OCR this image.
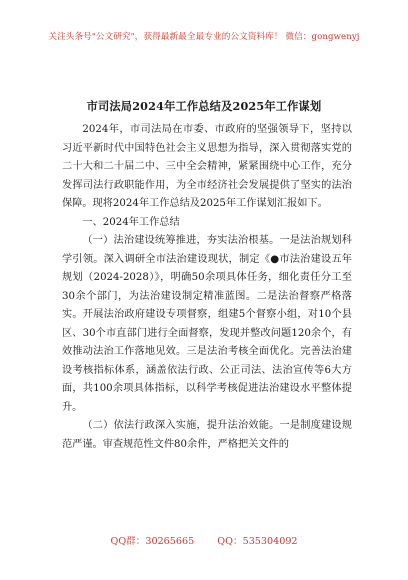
关注头条号"公文研究"，获得最新最全最专业的公文资料库！ 微信：gongwenyj
市司法局2024年工作总结及2025年工作谋划

2024年，市司法局在市委、市政府的坚强领导下，坚持以习近平新时代中国特色社会主义思想为指导，深入贯彻落实党的二十大和二十届二中、三中全会精神，紧紧围绕中心工作，充分发挥司法行政职能作用，为全市经济社会发展提供了坚实的法治保障。现将2024年工作总结及2025年工作谋划汇报如下。

一、2024年工作总结

（一）法治建设统筹推进，夯实法治根基。一是法治规划科学引领。深入调研全市法治建设现状，制定《●市法治建设五年规划（2024-2028）》，明确50余项具体任务，细化责任分工至30余个部门，为法治建设制定精准蓝图。二是法治督察严格落实。开展法治政府建设专项督察，组建5个督察小组，对10个县区、30个市直部门进行全面督察，发现并整改问题120余个，有效推动法治工作落地见效。三是法治考核全面优化。完善法治建设考核指标体系，涵盖依法行政、公正司法、法治宣传等6大方面，共100余项具体指标，以科学考核促进法治建设水平整体提升。

（二）依法行政深入实施，提升法治效能。一是制度建设规范严谨。审查规范性文件80余件，严格把关文件的

QQ群：30265665 QQ：535304092
